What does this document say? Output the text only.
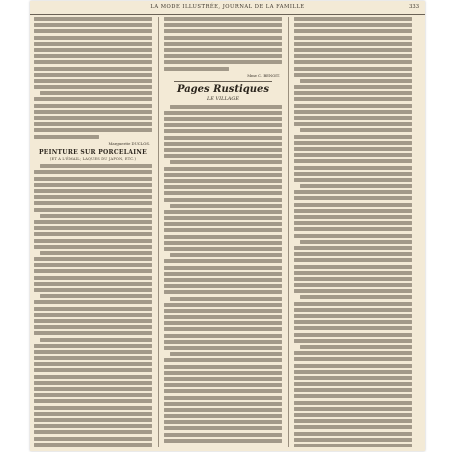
LA MODE ILLUSTRÉE, JOURNAL DE LA FAMILLE	333
Marguerite DUCLOS.
PEINTURE SUR PORCELAINE
(ET A L'ÉMAIL; LAQUES DU JAPON, ETC.)
Mme C. BENOIT.
Pages Rustiques
LE VILLAGE
